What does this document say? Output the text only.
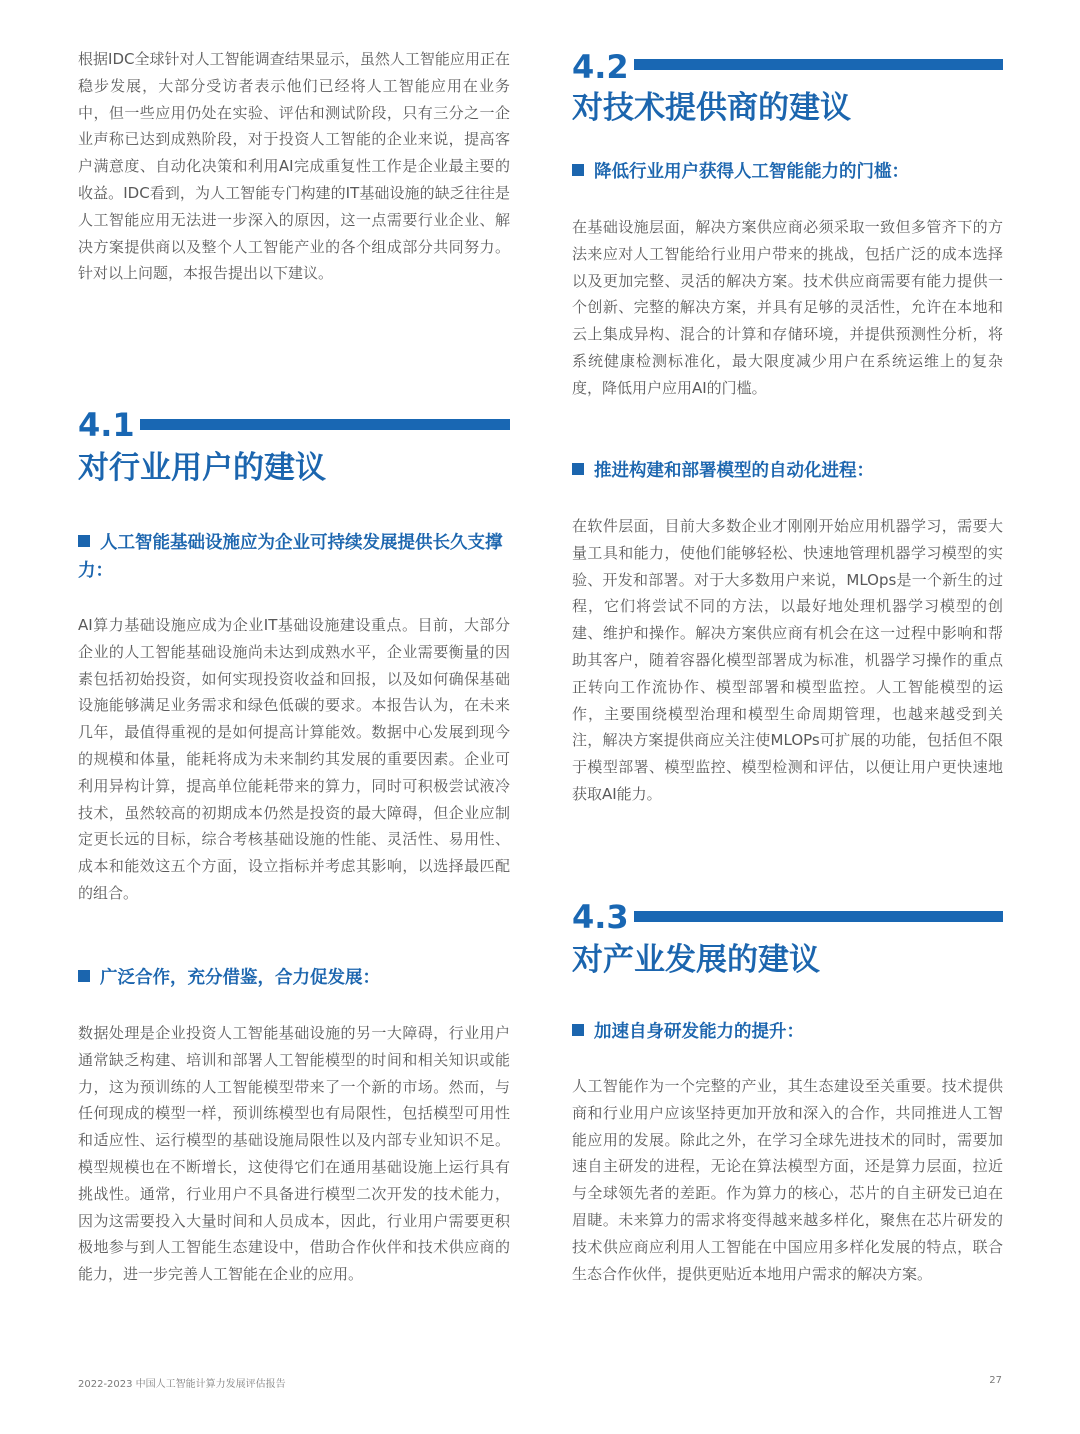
根据IDC全球针对人工智能调查结果显示，虽然人工智能应用正在稳步发展，大部分受访者表示他们已经将人工智能应用在业务中，但一些应用仍处在实验、评估和测试阶段，只有三分之一企业声称已达到成熟阶段，对于投资人工智能的企业来说，提高客户满意度、自动化决策和利用AI完成重复性工作是企业最主要的收益。IDC看到，为人工智能专门构建的IT基础设施的缺乏往往是人工智能应用无法进一步深入的原因，这一点需要行业企业、解决方案提供商以及整个人工智能产业的各个组成部分共同努力。针对以上问题，本报告提出以下建议。

4.1
对行业用户的建议

人工智能基础设施应为企业可持续发展提供长久支撑力：

AI算力基础设施应成为企业IT基础设施建设重点。目前，大部分企业的人工智能基础设施尚未达到成熟水平，企业需要衡量的因素包括初始投资，如何实现投资收益和回报，以及如何确保基础设施能够满足业务需求和绿色低碳的要求。本报告认为，在未来几年，最值得重视的是如何提高计算能效。数据中心发展到现今的规模和体量，能耗将成为未来制约其发展的重要因素。企业可利用异构计算，提高单位能耗带来的算力，同时可积极尝试液冷技术，虽然较高的初期成本仍然是投资的最大障碍，但企业应制定更长远的目标，综合考核基础设施的性能、灵活性、易用性、成本和能效这五个方面，设立指标并考虑其影响，以选择最匹配的组合。

广泛合作，充分借鉴，合力促发展：

数据处理是企业投资人工智能基础设施的另一大障碍，行业用户通常缺乏构建、培训和部署人工智能模型的时间和相关知识或能力，这为预训练的人工智能模型带来了一个新的市场。然而，与任何现成的模型一样，预训练模型也有局限性，包括模型可用性和适应性、运行模型的基础设施局限性以及内部专业知识不足。模型规模也在不断增长，这使得它们在通用基础设施上运行具有挑战性。通常，行业用户不具备进行模型二次开发的技术能力，因为这需要投入大量时间和人员成本，因此，行业用户需要更积极地参与到人工智能生态建设中，借助合作伙伴和技术供应商的能力，进一步完善人工智能在企业的应用。

4.2
对技术提供商的建议

降低行业用户获得人工智能能力的门槛：

在基础设施层面，解决方案供应商必须采取一致但多管齐下的方法来应对人工智能给行业用户带来的挑战，包括广泛的成本选择以及更加完整、灵活的解决方案。技术供应商需要有能力提供一个创新、完整的解决方案，并具有足够的灵活性，允许在本地和云上集成异构、混合的计算和存储环境，并提供预测性分析，将系统健康检测标准化，最大限度减少用户在系统运维上的复杂度，降低用户应用AI的门槛。

推进构建和部署模型的自动化进程：

在软件层面，目前大多数企业才刚刚开始应用机器学习，需要大量工具和能力，使他们能够轻松、快速地管理机器学习模型的实验、开发和部署。对于大多数用户来说，MLOps是一个新生的过程，它们将尝试不同的方法，以最好地处理机器学习模型的创建、维护和操作。解决方案供应商有机会在这一过程中影响和帮助其客户，随着容器化模型部署成为标准，机器学习操作的重点正转向工作流协作、模型部署和模型监控。人工智能模型的运作，主要围绕模型治理和模型生命周期管理，也越来越受到关注，解决方案提供商应关注使MLOPs可扩展的功能，包括但不限于模型部署、模型监控、模型检测和评估，以便让用户更快速地获取AI能力。

4.3
对产业发展的建议

加速自身研发能力的提升：

人工智能作为一个完整的产业，其生态建设至关重要。技术提供商和行业用户应该坚持更加开放和深入的合作，共同推进人工智能应用的发展。除此之外，在学习全球先进技术的同时，需要加速自主研发的进程，无论在算法模型方面，还是算力层面，拉近与全球领先者的差距。作为算力的核心，芯片的自主研发已迫在眉睫。未来算力的需求将变得越来越多样化，聚焦在芯片研发的技术供应商应利用人工智能在中国应用多样化发展的特点，联合生态合作伙伴，提供更贴近本地用户需求的解决方案。

2022-2023 中国人工智能计算力发展评估报告	27
